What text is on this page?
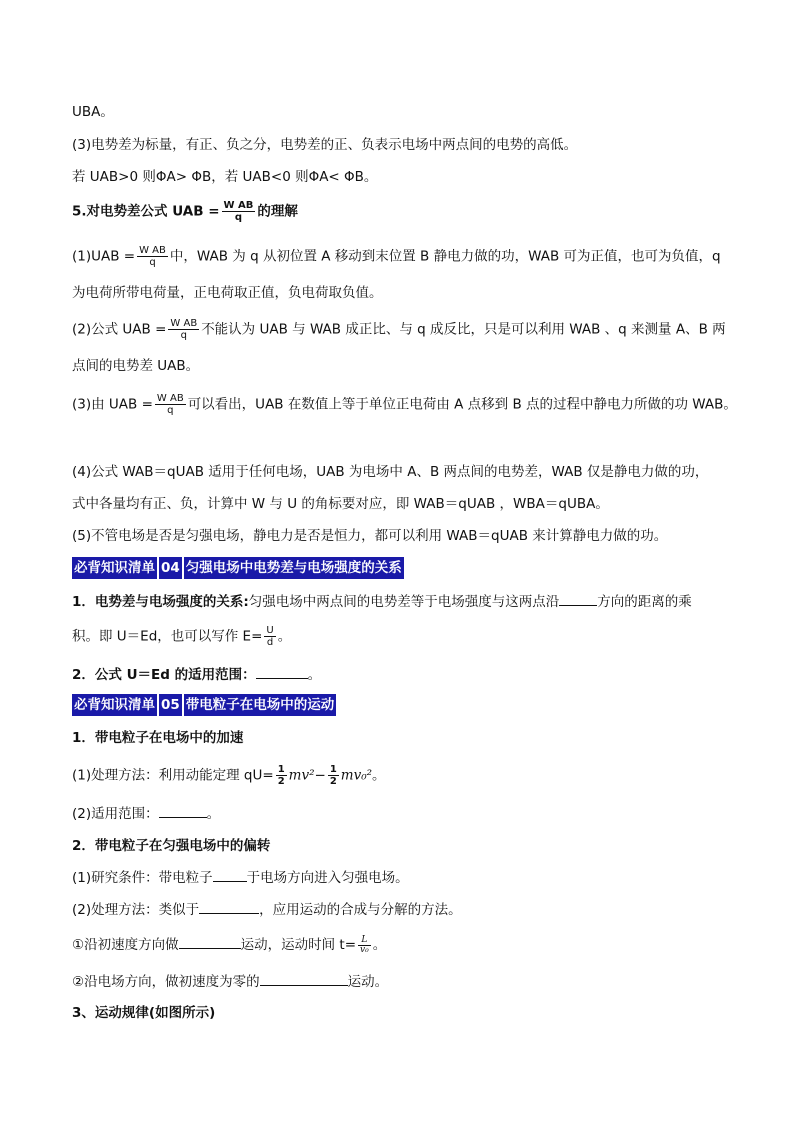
UBA。
(3)电势差为标量，有正、负之分，电势差的正、负表示电场中两点间的电势的高低。
若 UAB>0 则ΦA> ΦB，若 UAB<0 则ΦA< ΦB。
5.对电势差公式 UAB = $\frac{\text{W AB}}{q}$ 的理解
$(1)UAB = \frac{\text{W AB}}{q}$ 中，WAB 为 q 从初位置 A 移动到末位置 B 静电力做的功，WAB 可为正值，也可为负值，q
为电荷所带电荷量，正电荷取正值，负电荷取负值。
(2)公式 UAB = $\frac{\text{W AB}}{q}$ 不能认为 UAB 与 WAB 成正比、与 q 成反比，只是可以利用 WAB 、q 来测量 A、B 两
点间的电势差 UAB。
(3)由 UAB = $\frac{\text{W AB}}{q}$ 可以看出，UAB 在数值上等于单位正电荷由 A 点移到 B 点的过程中静电力所做的功 WAB。
(4)公式 WAB＝qUAB 适用于任何电场，UAB 为电场中 A、B 两点间的电势差，WAB 仅是静电力做的功，
式中各量均有正、负，计算中 W 与 U 的角标要对应，即 WAB＝qUAB ，WBA＝qUBA。
(5)不管电场是否是匀强电场，静电力是否是恒力，都可以利用 WAB＝qUAB 来计算静电力做的功。
必背知识清单 04 匀强电场中电势差与电场强度的关系
1．电势差与电场强度的关系:匀强电场中两点间的电势差等于电场强度与这两点沿	方向的距离的乘
积。即 U＝Ed，也可以写作 $E= \frac{U}{d}$ 。
2．公式 U＝Ed 的适用范围：	。
必背知识清单 05 带电粒子在电场中的运动
1．带电粒子在电场中的加速
(1)处理方法：利用动能定理 $qU= \frac{1}{2} mv^2- \frac{1}{2} mv_0^2$。
(2)适用范围：	。
2．带电粒子在匀强电场中的偏转
(1)研究条件：带电粒子	于电场方向进入匀强电场。
(2)处理方法：类似于	，应用运动的合成与分解的方法。
①沿初速度方向做	运动，运动时间 $t= \frac{L}{\text{v₀}}$ 。
②沿电场方向，做初速度为零的	运动。
3、运动规律(如图所示)
